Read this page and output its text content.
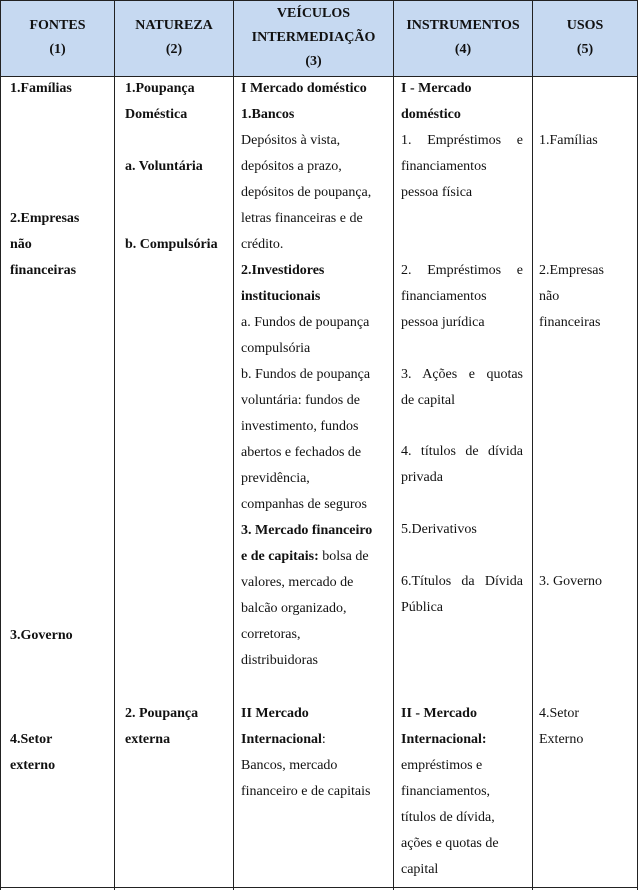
FONTES
(1)
NATUREZA
(2)
VEÍCULOS
INTERMEDIAÇÃO
(3)
INSTRUMENTOS
(4)
USOS
(5)
1.Famílias
2.Empresas
não
financeiras
3.Governo
4.Setor
externo
1.Poupança
Doméstica
a. Voluntária
b. Compulsória
2. Poupança
externa
I Mercado doméstico
1.Bancos
Depósitos à vista,
depósitos a prazo,
depósitos de poupança,
letras financeiras e de
crédito.
2.Investidores
institucionais
a. Fundos de poupança
compulsória
b. Fundos de poupança
voluntária: fundos de
investimento, fundos
abertos e fechados de
previdência,
companhas de seguros
3. Mercado financeiro
e de capitais: bolsa de
valores, mercado de
balcão organizado,
corretoras,
distribuidoras
II Mercado
Internacional:
Bancos, mercado
financeiro e de capitais
I - Mercado
doméstico
1. Empréstimos e
financiamentos
pessoa física
2. Empréstimos e
financiamentos
pessoa jurídica
3. Ações e quotas
de capital
4. títulos de dívida
privada
5.Derivativos
6.Títulos da Dívida
Pública
II - Mercado
Internacional:
empréstimos e
financiamentos,
títulos de dívida,
ações e quotas de
capital
1.Famílias
2.Empresas
não
financeiras
3. Governo
4.Setor
Externo
